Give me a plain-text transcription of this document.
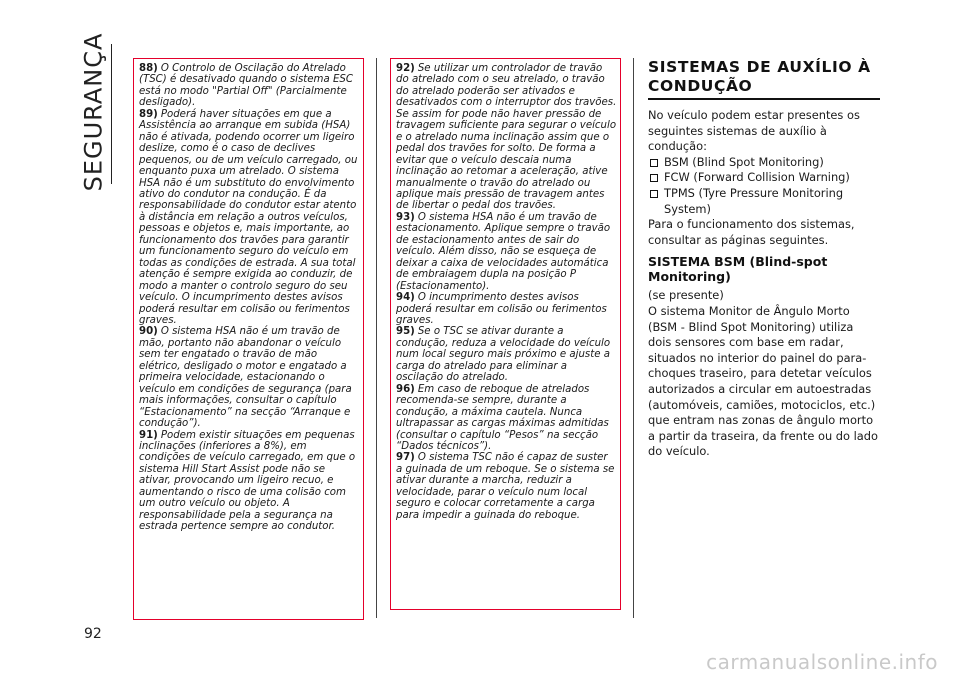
SEGURANÇA	88) O Controlo de Oscilação do Atrelado (TSC) é desativado quando o sistema ESC está no modo "Partial Off" (Parcialmente desligado).

89) Poderá haver situações em que a Assistência ao arranque em subida (HSA) não é ativada, podendo ocorrer um ligeiro deslize, como é o caso de declives pequenos, ou de um veículo carregado, ou enquanto puxa um atrelado. O sistema HSA não é um substituto do envolvimento ativo do condutor na condução. É da responsabilidade do condutor estar atento à distância em relação a outros veículos, pessoas e objetos e, mais importante, ao funcionamento dos travões para garantir um funcionamento seguro do veículo em todas as condições de estrada. A sua total atenção é sempre exigida ao conduzir, de modo a manter o controlo seguro do seu veículo. O incumprimento destes avisos poderá resultar em colisão ou ferimentos graves.

90) O sistema HSA não é um travão de mão, portanto não abandonar o veículo sem ter engatado o travão de mão elétrico, desligado o motor e engatado a primeira velocidade, estacionando o veículo em condições de segurança (para mais informações, consultar o capítulo “Estacionamento” na secção “Arranque e condução”).

91) Podem existir situações em pequenas inclinações (inferiores a 8%), em condições de veículo carregado, em que o sistema Hill Start Assist pode não se ativar, provocando um ligeiro recuo, e aumentando o risco de uma colisão com um outro veículo ou objeto. A responsabilidade pela a segurança na estrada pertence sempre ao condutor.

92) Se utilizar um controlador de travão do atrelado com o seu atrelado, o travão do atrelado poderão ser ativados e desativados com o interruptor dos travões. Se assim for pode não haver pressão de travagem suficiente para segurar o veículo e o atrelado numa inclinação assim que o pedal dos travões for solto. De forma a evitar que o veículo descaia numa inclinação ao retomar a aceleração, ative manualmente o travão do atrelado ou aplique mais pressão de travagem antes de libertar o pedal dos travões.

93) O sistema HSA não é um travão de estacionamento. Aplique sempre o travão de estacionamento antes de sair do veículo. Além disso, não se esqueça de deixar a caixa de velocidades automática de embraiagem dupla na posição P (Estacionamento).

94) O incumprimento destes avisos poderá resultar em colisão ou ferimentos graves.

95) Se o TSC se ativar durante a condução, reduza a velocidade do veículo num local seguro mais próximo e ajuste a carga do atrelado para eliminar a oscilação do atrelado.

96) Em caso de reboque de atrelados recomenda-se sempre, durante a condução, a máxima cautela. Nunca ultrapassar as cargas máximas admitidas (consultar o capítulo “Pesos” na secção “Dados técnicos”).

97) O sistema TSC não é capaz de suster a guinada de um reboque. Se o sistema se ativar durante a marcha, reduzir a velocidade, parar o veículo num local seguro e colocar corretamente a carga para impedir a guinada do reboque.

SISTEMAS DE AUXÍLIO À CONDUÇÃO

No veículo podem estar presentes os seguintes sistemas de auxílio à condução:

BSM (Blind Spot Monitoring)
FCW (Forward Collision Warning)
TPMS (Tyre Pressure Monitoring System)

Para o funcionamento dos sistemas, consultar as páginas seguintes.

SISTEMA BSM (Blind-spot Monitoring)

(se presente)

O sistema Monitor de Ângulo Morto (BSM - Blind Spot Monitoring) utiliza dois sensores com base em radar, situados no interior do painel do para-choques traseiro, para detetar veículos autorizados a circular em autoestradas (automóveis, camiões, motociclos, etc.) que entram nas zonas de ângulo morto a partir da traseira, da frente ou do lado do veículo.

92
carmanualsonline.info
